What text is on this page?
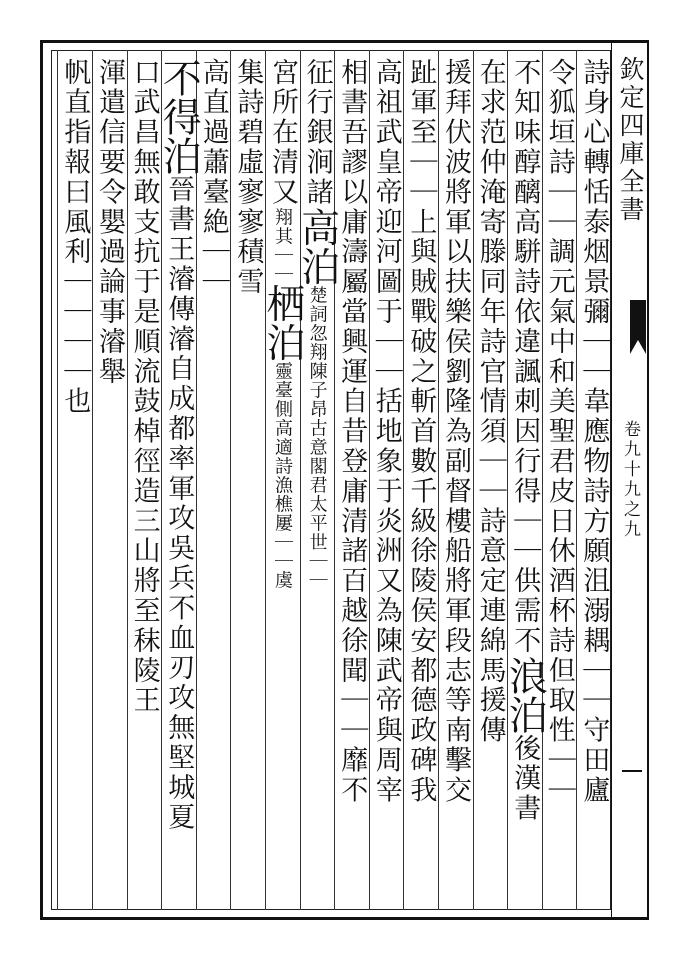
詩身心轉恬泰烟景彌｜｜韋應物詩方願沮溺耦｜｜守田廬
令狐垣詩｜｜調元氣中和美聖君皮日休酒杯詩但取性｜｜
不知味醇醨高駢詩依違諷刺因行得｜｜供需不浪泊後漢書
在求范仲淹寄滕同年詩官情須｜｜詩意定連綿馬援傳
援拜伏波將軍以扶樂侯劉隆為副督樓船將軍段志等南擊交
趾軍至｜｜上與賊戰破之斬首數千級徐陵侯安都德政碑我
高祖武皇帝迎河圖于｜｜括地象于炎洲又為陳武帝與周宰
相書吾謬以庸濤屬當興運自昔登庸清諸百越徐聞｜｜靡不
征行銀涧諸高泊楚詞忽翔陳子昂古意閣君太平世｜｜
宮所在清又翔其｜｜栖泊靈臺側高適詩漁樵屢｜｜虞
集詩碧虛寥寥積雪
高直過蕭臺絶｜｜
不得泊晉書王濬傳濬自成都率軍攻吳兵不血刃攻無堅城夏
口武昌無敢支抗于是順流鼓棹徑造三山將至秣陵王
渾遣信要令嬰過論事濬舉
帆直指報曰風利｜｜｜｜也	欽定四庫全書
卷九十九之九
